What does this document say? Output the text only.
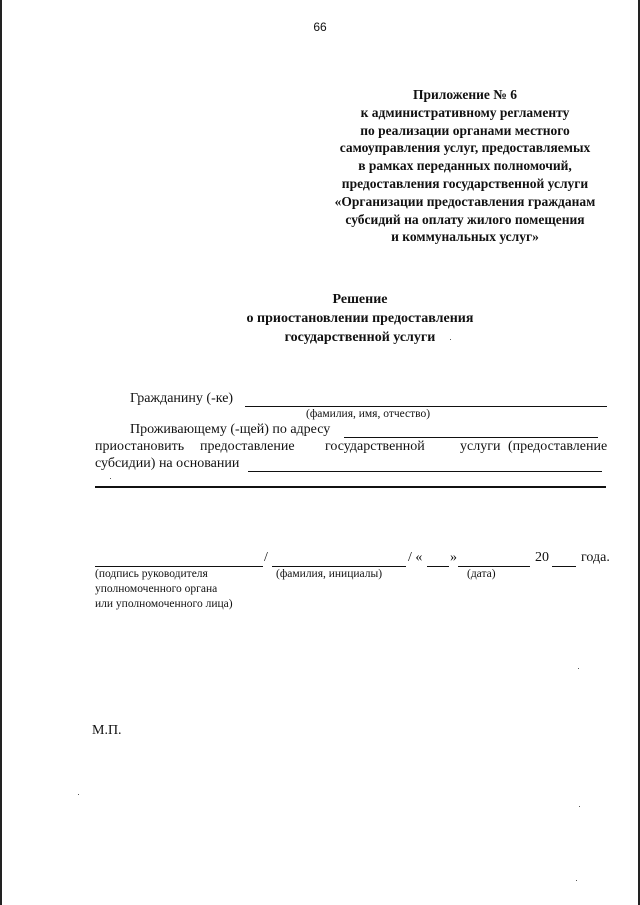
66
Приложение № 6
к административному регламенту
по реализации органами местного
самоуправления услуг, предоставляемых
в рамках переданных полномочий,
предоставления государственной услуги
«Организации предоставления гражданам
субсидий на оплату жилого помещения
и коммунальных услуг»
Решение
о приостановлении предоставления
государственной услуги
Гражданину (-ке)
(фамилия, имя, отчество)
Проживающему (-щей) по адресу
приостановить предоставление государственной	услуги (предоставление
субсидии) на основании
/	/ « »	20 года.
(подпись руководителя
уполномоченного органа
или уполномоченного лица)
(фамилия, инициалы)	(дата)
М.П.
